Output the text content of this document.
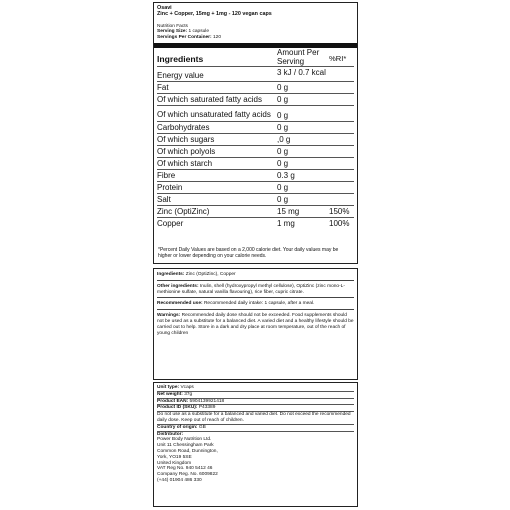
Osavi
Zinc + Copper, 15mg + 1mg - 120 vegan caps
Nutrition Facts
Serving Size: 1 capsule
Servings Per Container: 120
Ingredients	Amount Per Serving	%RI*
Energy value	3 kJ / 0.7 kcal	
Fat	0 g	
Of which saturated fatty acids	0 g	
Of which unsaturated fatty acids	0 g	
Carbohydrates	0 g	
Of which sugars	,0 g	
Of which polyols	0 g	
Of which starch	0 g	
Fibre	0.3 g	
Protein	0 g	
Salt	0 g	
Zinc (OptiZinc)	15 mg	150%
Copper	1 mg	100%
*Percent Daily Values are based on a 2,000 calorie diet. Your daily values may be higher or lower depending on your calorie needs.
Ingredients: Zinc (OptiZinc), Copper
Other ingredients: Inulin, shell (hydroxypropyl methyl cellulose), OptiZinc (zinc mono-L-methionine sulfate, natural vanilla flavouring), rice fiber, cupric citrate.
Recommended use: Recommended daily intake: 1 capsule, after a meal.
Warnings: Recommended daily dose should not be exceeded. Food supplements should not be used as a substitute for a balanced diet. A varied diet and a healthy lifestyle should be carried out to help. Store in a dark and dry place at room temperature, out of the reach of young children
Unit type: Vcaps
Net weight: 37g
Product EAN: 5904139921418
Product ID (SKU): P43389
Do not use as a substitute for a balanced and varied diet. Do not exceed the recommended daily dose. Keep out of reach of children.
Country of origin: GB
Distributor:
Power Body Nutrition Ltd.
Unit 11 Chessingham Park
Common Road, Dunnington,
York, YO19 5SE
United Kingdom
VAT Reg No. 940 5412 46
Company Reg. No. 6009822
(+44) 01904 486 330
